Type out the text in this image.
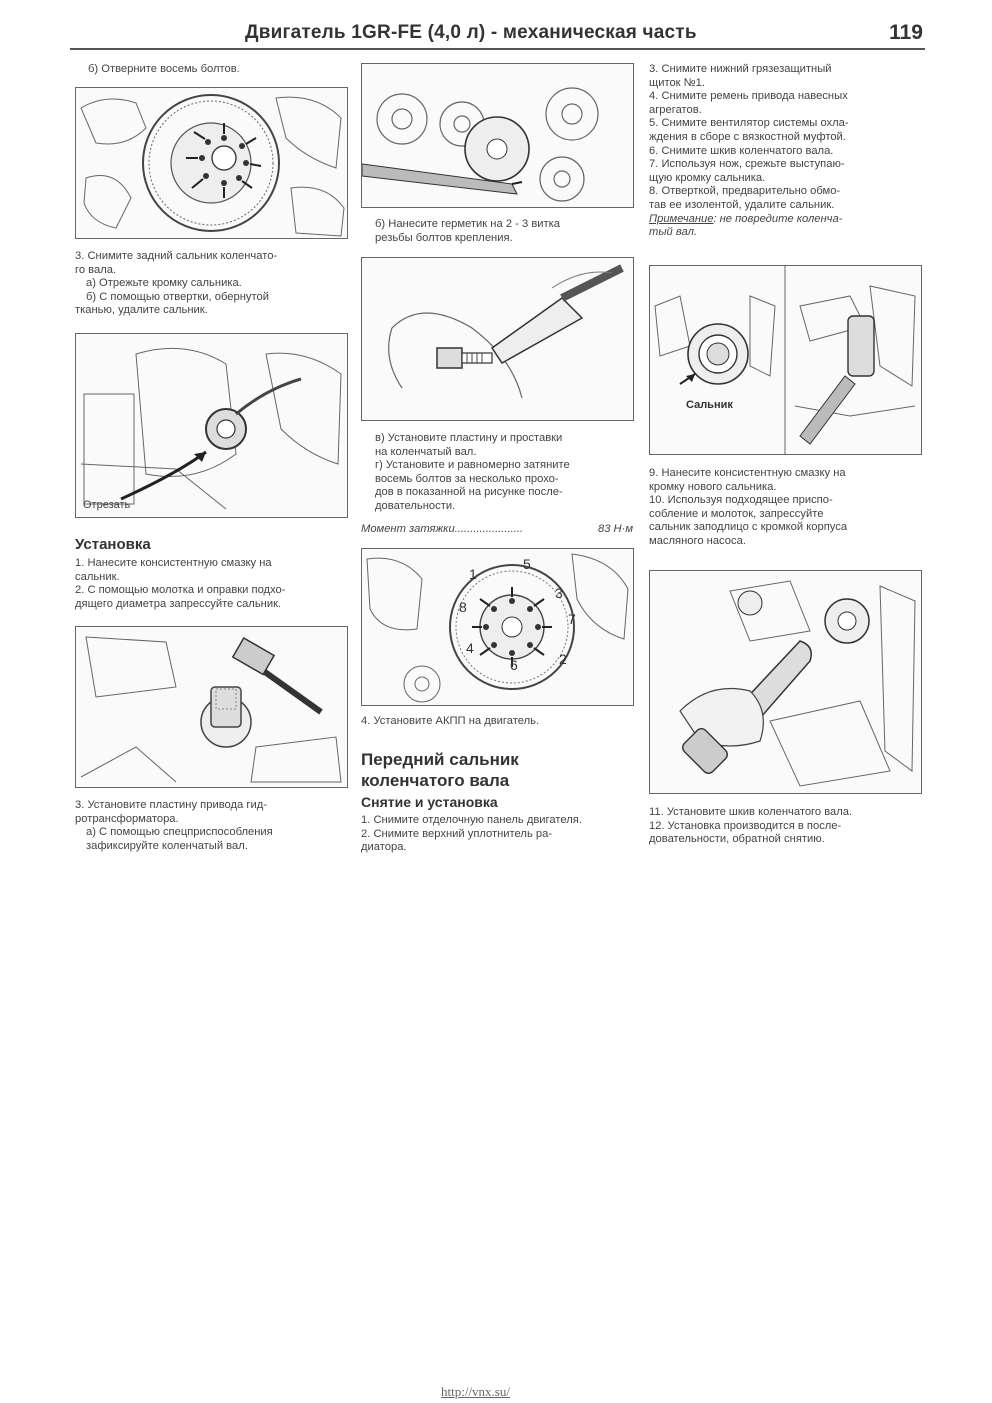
Двигатель 1GR-FE (4,0 л) - механическая часть	119

б) Отверните восемь болтов.

3. Снимите задний сальник коленчато-

го вала.

а) Отрежьте кромку сальника.

б) С помощью отвертки, обернутой

тканью, удалите сальник.

Отрезать
Установка

1. Нанесите консистентную смазку на

сальник.

2. С помощью молотка и оправки подхо-

дящего диаметра запрессуйте сальник.

3. Установите пластину привода гид-

ротрансформатора.

а) С помощью спецприспособления

зафиксируйте коленчатый вал.

б) Нанесите герметик на 2 - 3 витка

резьбы болтов крепления.

в) Установите пластину и проставки

на коленчатый вал.

г) Установите и равномерно затяните

восемь болтов за несколько прохо-

дов в показанной на рисунке после-

довательности.

Момент затяжки......................	83 Н·м
1
2
3
4
5
6
7
8

4. Установите АКПП на двигатель.

Передний сальник
коленчатого вала
Снятие и установка

1. Снимите отделочную панель двигателя.

2. Снимите верхний уплотнитель ра-

диатора.

3. Снимите нижний грязезащитный

щиток №1.

4. Снимите ремень привода навесных

агрегатов.

5. Снимите вентилятор системы охла-

ждения в сборе с вязкостной муфтой.

6. Снимите шкив коленчатого вала.

7. Используя нож, срежьте выступаю-

щую кромку сальника.

8. Отверткой, предварительно обмо-

тав ее изолентой, удалите сальник.

Примечание: не повредите коленча-

тый вал.

Сальник

9. Нанесите консистентную смазку на

кромку нового сальника.

10. Используя подходящее приспо-

собление и молоток, запрессуйте

сальник заподлицо с кромкой корпуса

масляного насоса.

11. Установите шкив коленчатого вала.

12. Установка производится в после-

довательности, обратной снятию.

http://vnx.su/
